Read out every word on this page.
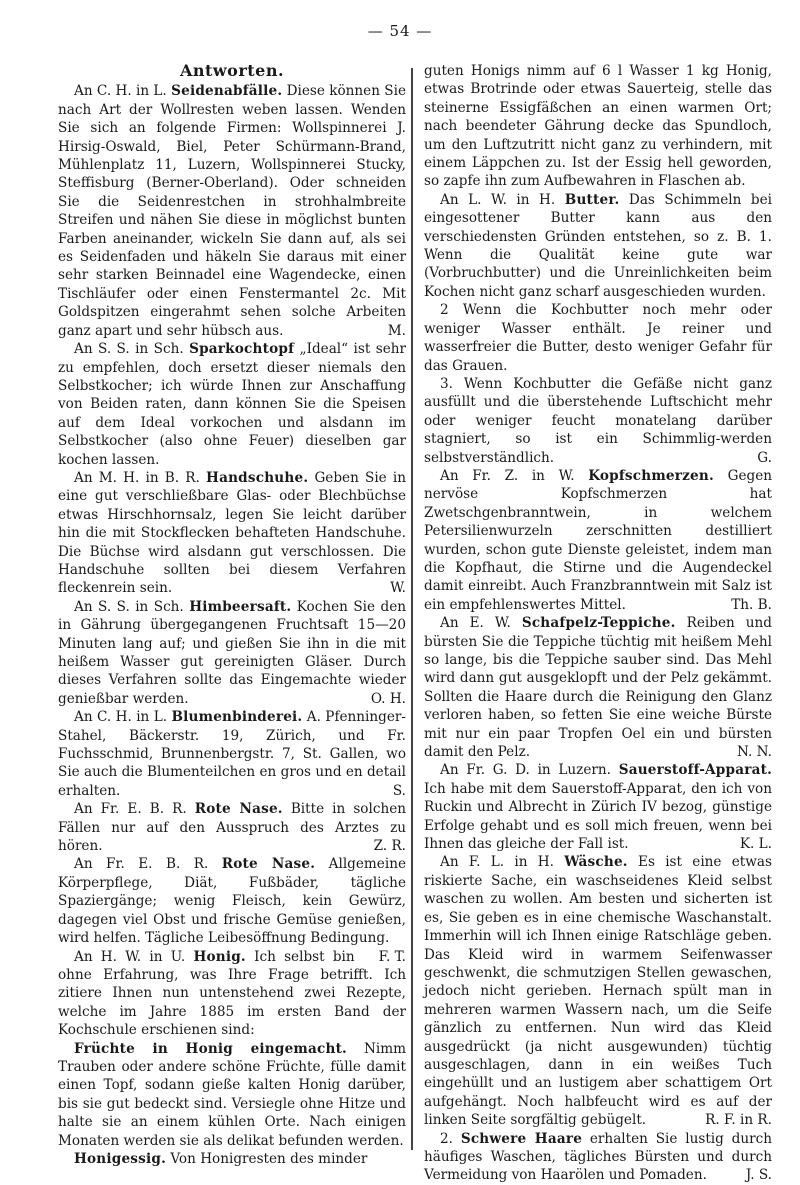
— 54 —
Antworten.

An C. H. in L. Seidenabfälle. Diese können Sie nach Art der Wollresten weben lassen. Wenden Sie sich an folgende Firmen: Wollspinnerei J. Hirsig-Oswald, Biel, Peter Schürmann-Brand, Mühlenplatz 11, Luzern, Wollspinnerei Stucky, Steffisburg (Berner-Oberland). Oder schneiden Sie die Seidenrestchen in strohhalmbreite Streifen und nähen Sie diese in möglichst bunten Farben aneinander, wickeln Sie dann auf, als sei es Seidenfaden und häkeln Sie daraus mit einer sehr starken Beinnadel eine Wagendecke, einen Tischläufer oder einen Fenstermantel 2c. Mit Goldspitzen eingerahmt sehen solche Arbeiten ganz apart und sehr hübsch aus.	M.

An S. S. in Sch. Sparkochtopf „Ideal“ ist sehr zu empfehlen, doch ersetzt dieser niemals den Selbstkocher; ich würde Ihnen zur Anschaffung von Beiden raten, dann können Sie die Speisen auf dem Ideal vorkochen und alsdann im Selbstkocher (also ohne Feuer) dieselben gar kochen lassen.

An M. H. in B. R. Handschuhe. Geben Sie in eine gut verschließbare Glas- oder Blechbüchse etwas Hirschhornsalz, legen Sie leicht darüber hin die mit Stockflecken behafteten Handschuhe. Die Büchse wird alsdann gut verschlossen. Die Handschuhe sollten bei diesem Verfahren fleckenrein sein.	W.

An S. S. in Sch. Himbeersaft. Kochen Sie den in Gährung übergegangenen Fruchtsaft 15—20 Minuten lang auf; und gießen Sie ihn in die mit heißem Wasser gut gereinigten Gläser. Durch dieses Verfahren sollte das Eingemachte wieder genießbar werden.	O. H.

An C. H. in L. Blumenbinderei. A. Pfenninger-Stahel, Bäckerstr. 19, Zürich, und Fr. Fuchsschmid, Brunnenbergstr. 7, St. Gallen, wo Sie auch die Blumenteilchen en gros und en detail erhalten.	S.

An Fr. E. B. R. Rote Nase. Bitte in solchen Fällen nur auf den Ausspruch des Arztes zu hören.	Z. R.

An Fr. E. B. R. Rote Nase. Allgemeine Körperpflege, Diät, Fußbäder, tägliche Spaziergänge; wenig Fleisch, kein Gewürz, dagegen viel Obst und frische Gemüse genießen, wird helfen. Tägliche Leibesöffnung Bedingung.
F. T.

An H. W. in U. Honig. Ich selbst bin ohne Erfahrung, was Ihre Frage betrifft. Ich zitiere Ihnen nun untenstehend zwei Rezepte, welche im Jahre 1885 im ersten Band der Kochschule erschienen sind:

Früchte in Honig eingemacht. Nimm Trauben oder andere schöne Früchte, fülle damit einen Topf, sodann gieße kalten Honig darüber, bis sie gut bedeckt sind. Versiegle ohne Hitze und halte sie an einem kühlen Orte. Nach einigen Monaten werden sie als delikat befunden werden.

Honigessig. Von Honigresten des minder

guten Honigs nimm auf 6 l Wasser 1 kg Honig, etwas Brotrinde oder etwas Sauerteig, stelle das steinerne Essigfäßchen an einen warmen Ort; nach beendeter Gährung decke das Spundloch, um den Luftzutritt nicht ganz zu verhindern, mit einem Läppchen zu. Ist der Essig hell geworden, so zapfe ihn zum Aufbewahren in Flaschen ab.

An L. W. in H. Butter. Das Schimmeln bei eingesottener Butter kann aus den verschiedensten Gründen entstehen, so z. B. 1. Wenn die Qualität keine gute war (Vorbruchbutter) und die Unreinlichkeiten beim Kochen nicht ganz scharf ausgeschieden wurden.

2 Wenn die Kochbutter noch mehr oder weniger Wasser enthält. Je reiner und wasserfreier die Butter, desto weniger Gefahr für das Grauen.

3. Wenn Kochbutter die Gefäße nicht ganz ausfüllt und die überstehende Luftschicht mehr oder weniger feucht monatelang darüber stagniert, so ist ein Schimmlig-werden selbstverständlich.	G.

An Fr. Z. in W. Kopfschmerzen. Gegen nervöse Kopfschmerzen hat Zwetschgenbranntwein, in welchem Petersilienwurzeln zerschnitten destilliert wurden, schon gute Dienste geleistet, indem man die Kopfhaut, die Stirne und die Augendeckel damit einreibt. Auch Franzbranntwein mit Salz ist ein empfehlenswertes Mittel.	Th. B.

An E. W. Schafpelz-Teppiche. Reiben und bürsten Sie die Teppiche tüchtig mit heißem Mehl so lange, bis die Teppiche sauber sind. Das Mehl wird dann gut ausgeklopft und der Pelz gekämmt. Sollten die Haare durch die Reinigung den Glanz verloren haben, so fetten Sie eine weiche Bürste mit nur ein paar Tropfen Oel ein und bürsten damit den Pelz.	N. N.

An Fr. G. D. in Luzern. Sauerstoff-Apparat. Ich habe mit dem Sauerstoff-Apparat, den ich von Ruckin und Albrecht in Zürich IV bezog, günstige Erfolge gehabt und es soll mich freuen, wenn bei Ihnen das gleiche der Fall ist.	K. L.

An F. L. in H. Wäsche. Es ist eine etwas riskierte Sache, ein waschseidenes Kleid selbst waschen zu wollen. Am besten und sicherten ist es, Sie geben es in eine chemische Waschanstalt. Immerhin will ich Ihnen einige Ratschläge geben. Das Kleid wird in warmem Seifenwasser geschwenkt, die schmutzigen Stellen gewaschen, jedoch nicht gerieben. Hernach spült man in mehreren warmen Wassern nach, um die Seife gänzlich zu entfernen. Nun wird das Kleid ausgedrückt (ja nicht ausgewunden) tüchtig ausgeschlagen, dann in ein weißes Tuch eingehüllt und an lustigem aber schattigem Ort aufgehängt. Noch halbfeucht wird es auf der linken Seite sorgfältig gebügelt.	R. F. in R.

2. Schwere Haare erhalten Sie lustig durch häufiges Waschen, tägliches Bürsten und durch Vermeidung von Haarölen und Pomaden.	J. S.
